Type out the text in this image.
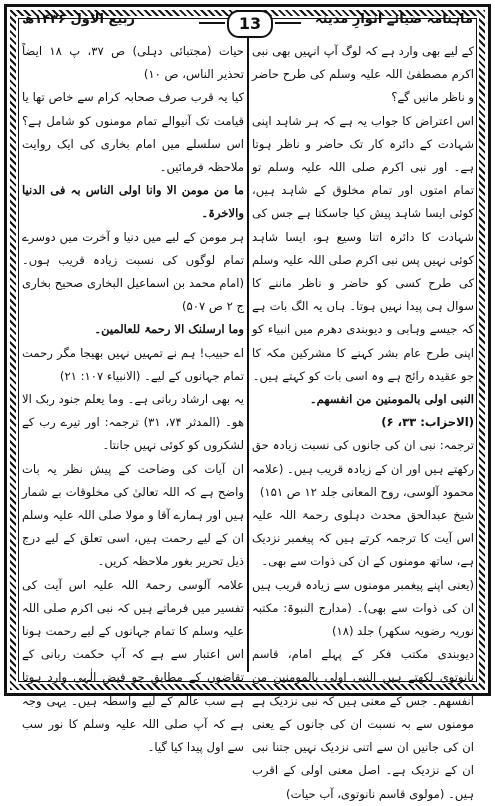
ماہنامہ ضیائے انوارِ مدینہ
13
ربیع الاول ۱۴۳۶ھ

کے لیے بھی وارد ہے کہ لوگ آپ انہیں بھی نبی اکرم مصطفیٰ اللہ علیہ وسلم کی طرح حاضر و ناظر مانیں گے؟

اس اعتراض کا جواب یہ ہے کہ ہر شاہد اپنی شہادت کے دائرہ کار تک حاضر و ناظر ہوتا ہے۔ اور نبی اکرم صلی اللہ علیہ وسلم تو تمام امتوں اور تمام مخلوق کے شاہد ہیں، کوئی ایسا شاہد پیش کیا جاسکتا ہے جس کی شہادت کا دائرہ اتنا وسیع ہو، ایسا شاہد کوئی نہیں پس نبی اکرم صلی اللہ علیہ وسلم کی طرح کسی کو حاضر و ناظر ماننے کا سوال ہی پیدا نہیں ہوتا۔ ہاں یہ الگ بات ہے کہ جیسے وہابی و دیوبندی دھرم میں انبیاء کو اپنی طرح عام بشر کہنے کا مشرکین مکہ کا جو عقیدہ رائج ہے وہ اسی بات کو کہتے ہیں۔

النبی اولی بالمومنین من انفسھم۔

(الاحزاب: ۳۳، ۶)

ترجمہ: نبی ان کی جانوں کی نسبت زیادہ حق رکھتے ہیں اور ان کے زیادہ قریب ہیں۔ (علامہ محمود آلوسی، روح المعانی جلد ۱۲ ص ۱۵۱)

شیخ عبدالحق محدث دہلوی رحمۃ اللہ علیہ اس آیت کا ترجمہ کرتے ہیں کہ پیغمبر نزدیک ہے، ساتھ مومنوں کے ان کی ذوات سے بھی۔

(یعنی اپنے پیغمبر مومنوں سے زیادہ قریب ہیں ان کی ذوات سے بھی)۔ (مدارج النبوۃ: مکتبہ نوریہ رضویہ سکھر) جلد (۱۸)

دیوبندی مکتب فکر کے پہلے امام، قاسم نانوتوی لکھتے ہیں النبی اولی بالمومنین من انفسھم۔ جس کے معنی ہیں کہ نبی نزدیک ہے مومنوں سے بہ نسبت ان کی جانوں کے یعنی ان کی جانیں ان سے اتنی نزدیک نہیں جتنا نبی ان کے نزدیک ہے۔ اصل معنی اولی کے اقرب ہیں۔ (مولوی قاسم نانوتوی، آب حیات)

حیات (مجتبائی دہلی) ص ۳۷، پ ۱۸ ایضاً تحذیر الناس، ص ۱۰)

کیا یہ قرب صرف صحابہ کرام سے خاص تھا یا قیامت تک آنیوالے تمام مومنوں کو شامل ہے؟ اس سلسلے میں امام بخاری کی ایک روایت ملاحظہ فرمائیں۔

ما من مومن الا وانا اولی الناس بہ فی الدنیا والاخرۃ۔

ہر مومن کے لیے میں دنیا و آخرت میں دوسرے تمام لوگوں کی نسبت زیادہ قریب ہوں۔ (امام محمد بن اسماعیل البخاری صحیح بخاری ج ۲ ص ۵۰۷)

وما ارسلنک الا رحمۃ للعالمین۔

اے حبیب! ہم نے تمہیں نہیں بھیجا مگر رحمت تمام جہانوں کے لیے۔ (الانبیاء ۱۰۷: ۲۱)

یہ بھی ارشاد ربانی ہے۔ وما یعلم جنود ربک الا ھو۔ (المدثر ۷۴، ۳۱) ترجمہ: اور تیرے رب کے لشکروں کو کوئی نہیں جانتا۔

ان آیات کی وضاحت کے پیش نظر یہ بات واضح ہے کہ اللہ تعالیٰ کی مخلوقات بے شمار ہیں اور ہمارے آقا و مولا صلی اللہ علیہ وسلم ان کے لیے رحمت ہیں، اسی تعلق کے لیے درج ذیل تحریر بغور ملاحظہ کریں۔

علامہ آلوسی رحمۃ اللہ علیہ اس آیت کی تفسیر میں فرماتے ہیں کہ نبی اکرم صلی اللہ علیہ وسلم کا تمام جہانوں کے لیے رحمت ہونا اس اعتبار سے ہے کہ آپ حکمت ربانی کے تقاضوں کے مطابق جو فیض الٰہی وارد ہوتا ہے سب عالم کے لیے واسطہ ہیں۔ یہی وجہ ہے کہ آپ صلی اللہ علیہ وسلم کا نور سب سے اول پیدا کیا گیا۔
